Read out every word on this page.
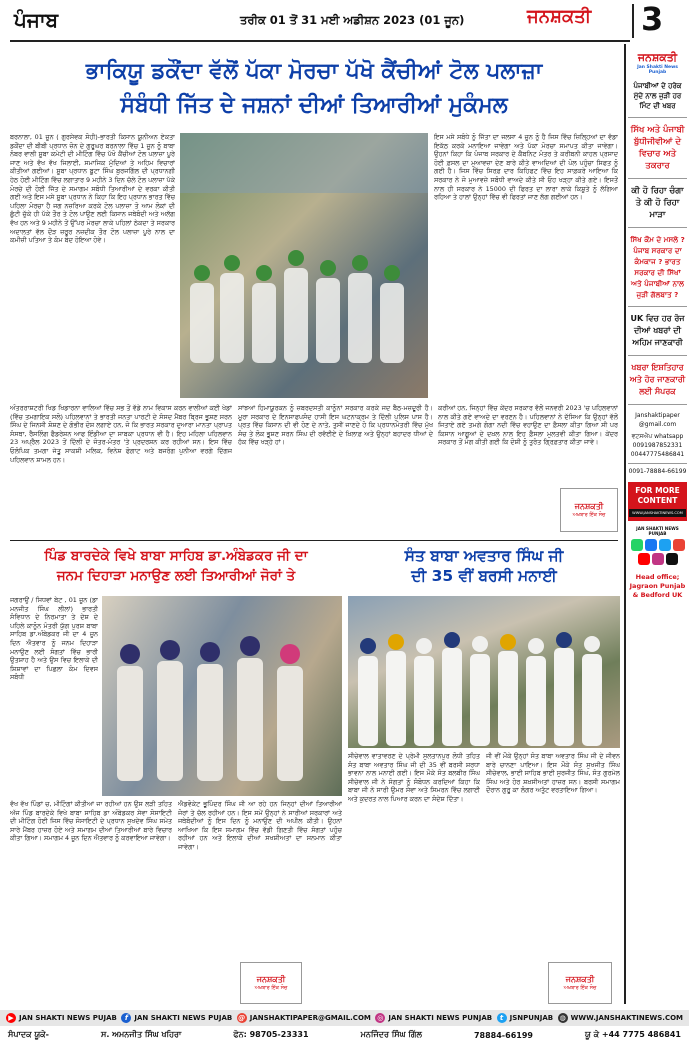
ਪੰਜਾਬ	ਤਰੀਕ 01 ਤੋਂ 31 ਮਈ ਅਡੀਸ਼ਨ 2023 (01 ਜੂਨ)	ਜਨਸ਼ਕਤੀ 3
ਭਾਕਿਯੂ ਡਕੌਂਦਾ ਵੱਲੋਂ ਪੱਕਾ ਮੋਰਚਾ ਪੱਖੋ ਕੈਂਚੀਆਂ ਟੋਲ ਪਲਾਜ਼ਾ
ਸੰਬੰਧੀ ਜਿੱਤ ਦੇ ਜਸ਼ਨਾਂ ਦੀਆਂ ਤਿਆਰੀਆਂ ਮੁਕੰਮਲ
ਬਰਨਾਲਾ, 01 ਜੂਨ ( ਗੁਰਸੇਵਕ ਸੋਹੀ)-ਭਾਰਤੀ ਕਿਸਾਨ ਯੂਨੀਅਨ ਏਕਤਾ ਡਕੌਂਦਾ ਦੀ ਬੀਬੀ ਪ੍ਰਧਾਨ ਜ਼ੋਨ ਦੇ ਗੁਰੂਘਰ ਬਰਨਾਲਾ ਵਿੱਚ 1 ਜੂਨ ਨੂੰ ਬਾਬਾ ਨੰਬਰ ਵਾਲੀ ਸੂਬਾ ਕਮੇਟੀ ਦੀ ਮੀਟਿੰਗ ਵਿੱਚ ਪੱਖੋ ਕੈਂਚੀਆਂ ਟੋਲ ਪਲਾਜ਼ਾ ਪੂਰੇ ਜਾਣ ਅਤੇ ਵੱਖ ਵੱਖ ਜਿਲਾਈ, ਸਮਾਜਿਕ ਮੁੱਦਿਆਂ ਤੇ ਅਹਿਮ ਵਿਚਾਰਾਂ ਕੀਤੀਆਂ ਗਈਆਂ। ਸੂਬਾ ਪ੍ਰਧਾਨ ਬੂਟਾ ਸਿੰਘ ਬੁਰਜਗਿੱਲ ਦੀ ਪ੍ਰਧਾਨਗੀ ਹੇਠ ਹੋਈ ਮੀਟਿੰਗ ਵਿੱਚ ਲਗਾਤਾਰ 9 ਮਹੀਨੇ 3 ਦਿਨ ਚੱਲੇ ਟੋਲ ਪਲਾਜ਼ਾ ਪੱਕੇ ਮੋਰਚੇ ਦੀ ਹੋਈ ਜਿੱਤ ਦੇ ਸਮਾਗਮ ਸਬੰਧੀ ਤਿਆਰੀਆਂ ਦੇ ਵਰਕਾ ਕੀਤੀ ਗਈ ਅਤੇ ਇਸ ਮਸੇ ਸੂਬਾ ਪ੍ਰਧਾਨ ਨੇ ਕਿਹਾ ਕਿ ਇਹ ਪ੍ਰਧਾਨ ਭਾਰਤ ਵਿੱਚ ਪਹਿਲਾ ਮੋਰਚਾ ਹੈ ਜਗ ਨਜ਼ਰਿਆ ਕਰਕੇ ਟੋਲ ਪਲਾਜ਼ਾ ਤੋ ਆਮ ਲੋਕਾਂ ਦੀ ਛੁੱਟੀ ਚੁੱਕੇ ਹੀ ਪੱਕੇ ਤੌਰ ਤੇ ਟੋਲ ਪਾਉਣ ਲਈ ਕਿਸਾਨ ਜਥੇਬੰਦੀ ਅਤੇ ਅਲੱਗ ਵੱਖ ਹਨ ਅਤੇ 9 ਮਹੀਨੇ ਤੋਂ ਉੱਪਰ ਮੋਰਚਾ ਲਾਕੇ ਪਹਿਲਾਂ ਠੇਕਦਾ ਤੇ ਸਰਕਾਰ ਅਦਾਲਤਾਂ ਵੱਲ ਦੌੜ ਜ਼ਰੂਰ ਨਜ਼ਦੀਕ ਤੌਰ ਟੋਲ ਪਲਾਜ਼ਾ ਪੂਰੇ ਨਾਲ ਦਾ ਕਮੀਜ਼ੀ ਪਤਿਆ ਤੇ ਕੰਮ ਬੰਦ ਹੋਇਆ ਹੋਵੇ।
ਇਸ ਮਸੇ ਸਬੰਧੇ ਨੂੰ ਜਿੱਤਾ ਦਾ ਜਲਸਾ 4 ਜੂਨ ਨੂੰ ਹੈ ਜਿਸ ਵਿੱਚ ਜ਼ਿਲ੍ਹਿਆਂ ਦਾ ਵੱਡਾ ਇਕੱਠ ਕਰਕੇ ਮਨਾਇਆ ਜਾਵੇਗਾ ਅਤੇ ਪੱਕਾ ਮੋਰਚਾ ਸਮਾਪਤ ਕੀਤਾ ਜਾਵੇਗਾ। ਉਹਨਾਂ ਕਿਹਾ ਕਿ ਪੰਜਾਬ ਸਰਕਾਰ ਦੇ ਕੈਬਨਿਟ ਮੰਤਰ ਤੇ ਕਰੀਬਨੀ ਕਾਹਲ ਪ੍ਰਸਾਦ ਹੋਈ ਫ਼ਸਲ ਦਾ ਮੁਆਵਜ਼ਾ ਦੇਣ ਬਾਰੇ ਕੀਤੇ ਵਾਅਦਿਆਂ ਦੀ ਪੋਲ ਪਹੁੰਚਾ ਸਿਫਤ ਨੂੰ ਗਈ ਹੈ। ਜਿਸ ਵਿੱਚ ਸਿਰਫ਼ ਦਾਰ ਕਿਹਿਫਟ ਵਿੱਚ ਇਹ ਸਾਫ਼ਕਰੇ ਆਇਆ ਕਿ ਸਰਕਾਰ ਨੇ ਜੋ ਮੁਆਵਜ਼ੇ ਸਬੰਧੀ ਵਾਅਦੇ ਕੀਤੇ ਸੀ ਓਹ ਖੜ੍ਹਾ ਕੀਤੇ ਗਏ। ਇਸਤੋਂ ਨਾਲ ਹੀ ਸਰਕਾਰ ਨੇ 15000 ਦੀ ਫਿਰਤ ਦਾ ਲਾਰਾ ਲਾਕੇ ਕਿਸ਼ੂਤੇ ਨੂੰ ਲੱਗਿਆ ਰਹਿਆ ਤੇ ਹਾਲਾਂ ਉਨ੍ਹਾਂ ਵਿੱਚ ਵੀ ਫਿਰਤਾਂ ਜਾਣ ਲੱਗ ਗਈਆਂ ਹਨ।
ਅੰਤਰਰਾਸ਼ਟਰੀ ਖਿਡ ਖਿਡਾਰਨਾ ਵਾਲਿਆਂ ਵਿੱਚ ਸਭ ਤੋਂ ਵੱਡੇ ਨਾਮ ਵਿਕਾਸ ਕਰਨ ਵਾਲੀਆਂ ਕਈ ਖੇਡਾਂ (ਵਿੱਚ ਤਮਗਾਇਕ ਸਲੋ) ਪਹਿਲਵਾਨਾਂ ਤੇ ਭਾਰਤੀ ਜਨਤਾ ਪਾਰਟੀ ਦੇ ਸੰਸਦ ਮੈਂਬਰ ਬ੍ਰਿਜ ਭੂਸ਼ਣ ਸਰਨ ਸਿੰਘ ਦੇ ਜਿਨਸੀ ਸ਼ੋਸ਼ਣ ਦੇ ਗੰਭੀਰ ਦੋਸ਼ ਲਗਾਏ ਹਨ, ਜੋ ਕਿ ਭਾਰਤ ਸਰਕਾਰ ਦੁਆਰਾ ਮਾਨਤਾ ਪ੍ਰਾਪਤ ਸੰਸਥਾ, ਰੈਸਲਿੰਗ ਫੈਡਰੇਸ਼ਨ ਆਫ ਇੰਡੀਆ ਦਾ ਸਾਬਕਾ ਪ੍ਰਧਾਨ ਵੀ ਹੈ। ਇਹ ਮਹਿਲਾ ਪਹਿਲਵਾਨ 23 ਅਪ੍ਰੈਲ 2023 ਤੋਂ ਦਿੱਲੀ ਦੇ ਜੰਤਰ-ਮੰਤਰ 'ਤੇ ਪ੍ਰਦਰਸ਼ਨ ਕਰ ਰਹੀਆਂ ਸਨ। ਇਸ ਵਿੱਚ ਓਲੰਪਿਕ ਤਮਗਾ ਜੇਤੂ ਸਾਕਸ਼ੀ ਮਲਿਕ, ਵਿਨੇਸ਼ ਫੋਗਾਟ ਅਤੇ ਬਜਰੰਗ ਪੁਨੀਆ ਵਰਗੇ ਦਿੱਗਜ ਪਹਿਲਵਾਨ ਸ਼ਾਮਲ ਹਨ।
ਸਾਂਝਆਂ ਹਿਮਾਯੂਰਕਨ ਨੂੰ ਜ਼ਬਰਦਸਤੀ ਕਾਨੂੰਨਾਂ ਸਰਕਾਰ ਕਰਕੇ ਜਦ ਬੈਠ-ਮਜ਼ਦੂਰੀ ਹੈ। ਮੂਰਾ ਸਰਕਾਰ ਦੇ ਇਨਸਾਫਪਸੰਦ ਹਾਸੀ ਇਸ ਘਟਨਾਕ੍ਰਮ ਤੇ ਦਿੱਲੀ ਪੁਲਿਸ ਪਾਸ ਹੈ। ਪ੍ਰਤ ਵਿੱਚ ਕਿਸਾਨ ਦੀ ਵੀ ਹੋਣ ਦੇ ਨਾਤੇ, ਤੁਸੀਂ ਜਾਣਦੇ ਹੋ ਕਿ ਪ੍ਰਧਾਨਮੰਤਰੀ ਵਿੱਚ ਮੁੱਖ ਸੰਚ ਤੇ ਲੋਕ ਭੂਸ਼ਣ ਸਰਨ ਸਿੰਘ ਦੀ ਰਵੱਈਏ ਦੇ ਖ਼ਿਲਾਫ਼ ਅਤੇ ਉਨ੍ਹਾਂ ਬਹਾਦਰ ਧੀਆਂ ਦੇ ਹੱਕ ਵਿੱਚ ਖੜ੍ਹੇ ਹਾਂ।
ਕਰੀਆਂ ਹਨ, ਜਿਨ੍ਹਾਂ ਵਿੱਚ ਕੇਂਦਰ ਸਰਕਾਰ ਵੱਲੋਂ ਜਨਵਰੀ 2023 'ਚ ਪਹਿਲਵਾਨਾਂ ਨਾਲ ਕੀਤੇ ਗਏ ਵਾਅਦੇ ਦਾ ਵਰਣਨ ਹੈ। ਪਹਿਲਵਾਨਾਂ ਨੇ ਦੱਸਿਆ ਕਿ ਉਨ੍ਹਾਂ ਵੱਲੋਂ ਜਿਤਾਏ ਗਏ ਤਮਗੇ ਗੰਗਾ ਨਦੀ ਵਿੱਚ ਵਹਾਉਣ ਦਾ ਫ਼ੈਸਲਾ ਕੀਤਾ ਗਿਆ ਸੀ ਪਰ ਕਿਸਾਨ ਆਗੂਆਂ ਦੇ ਦਖ਼ਲ ਨਾਲ ਇਹ ਫ਼ੈਸਲਾ ਮੁਲਤਵੀ ਕੀਤਾ ਗਿਆ। ਕੇਂਦਰ ਸਰਕਾਰ ਤੋਂ ਮੰਗ ਕੀਤੀ ਗਈ ਕਿ ਦੋਸ਼ੀ ਨੂੰ ਤੁਰੰਤ ਗ੍ਰਿਫ਼ਤਾਰ ਕੀਤਾ ਜਾਵੇ।
ਜਨਸ਼ਕਤੀ
ਅਖ਼ਬਾਰ ਇੱਕ ਸੋਚ
ਪਿੰਡ ਬਾਰਦੇਕੇ ਵਿਖੇ ਬਾਬਾ ਸਾਹਿਬ ਡਾ.ਅੰਬੇਡਕਰ ਜੀ ਦਾ
ਜਨਮ ਦਿਹਾੜਾ ਮਨਾਉਣ ਲਈ ਤਿਆਰੀਆਂ ਜੋਰਾਂ ਤੇ
ਜਗਰਾਉਂ / ਸਿਧਵਾਂ ਬੇਟ , 01 ਜੂਨ (ਡਾ ਮਨਜੀਤ ਸਿੰਘ ਲੀਲਾਂ) ਭਾਰਤੀ ਸੰਵਿਧਾਨ ਦੇ ਨਿਰਮਾਤਾ ਤੇ ਦੇਸ਼ ਦੇ ਪਹਿਲੇ ਕਾਨੂੰਨ ਮੰਤਰੀ ਯੁੱਗ ਪੁਰਸ਼ ਬਾਬਾ ਸਾਹਿਬ ਡਾ.ਅੰਬੇਡਕਰ ਜੀ ਦਾ 4 ਜੂਨ ਦਿਨ ਐਤਵਾਰ ਨੂੰ ਜਨਮ ਦਿਹਾੜਾ ਮਨਾਉਣ ਲਈ ਸੰਗਤਾਂ ਵਿੱਚ ਭਾਰੀ ਉਤਸ਼ਾਹ ਹੈ ਅਤੇ ਉਸ ਵਿਚ ਇਲਾਕੇ ਦੀ ਸ਼ਿਸ਼ਾਵਾਂ ਦਾ ਪਿਛਲਾ ਕੰਮ ਦਿਵਸ ਸਬੰਧੀ
ਵੱਖ ਵੱਖ ਪਿੰਡਾਂ ਚ, ਮੀਟਿੰਗਾਂ ਕੀਤੀਆਂ ਜਾ ਰਹੀਆਂ ਹਨ ਉਸ ਲੜੀ ਤਹਿਤ ਅੱਜ ਪਿੰਡ ਬਾਰਦੇਕੇ ਵਿਖੇ ਬਾਬਾ ਸਾਹਿਬ ਡਾ ਅੰਬੇਡਕਰ ਸੇਵਾ ਸੋਸਾਇਟੀ ਦੀ ਮੀਟਿੰਗ ਹੋਈ ਜਿਸ ਵਿੱਚ ਸੋਸਾਇਟੀ ਦੇ ਪ੍ਰਧਾਨ ਸੁਖਦੇਵ ਸਿੰਘ ਸਮੇਤ ਸਾਰੇ ਮੈਂਬਰ ਹਾਜ਼ਰ ਹੋਏ ਅਤੇ ਸਮਾਗਮ ਦੀਆਂ ਤਿਆਰੀਆਂ ਬਾਰੇ ਵਿਚਾਰ ਕੀਤਾ ਗਿਆ। ਸਮਾਗਮ 4 ਜੂਨ ਦਿਨ ਐਤਵਾਰ ਨੂੰ ਕਰਵਾਇਆ ਜਾਵੇਗਾ।
ਐਡਵੋਕੇਟ ਭੂਪਿੰਦਰ ਸਿੰਘ ਜੀ ਆ ਰਹੇ ਹਨ ਜਿਨ੍ਹਾਂ ਦੀਆਂ ਤਿਆਰੀਆਂ ਜੋਰਾਂ ਤੇ ਚੱਲ ਰਹੀਆਂ ਹਨ। ਇਸ ਸਮੇਂ ਉਨ੍ਹਾਂ ਨੇ ਸਾਰੀਆਂ ਸਰਕਾਰਾਂ ਅਤੇ ਜਥੇਬੰਦੀਆਂ ਨੂੰ ਇਸ ਦਿਨ ਨੂੰ ਮਨਾਉਣ ਦੀ ਅਪੀਲ ਕੀਤੀ। ਉਹਨਾਂ ਆਖਿਆ ਕਿ ਇਸ ਸਮਾਗਮ ਵਿੱਚ ਵੱਡੀ ਗਿਣਤੀ ਵਿੱਚ ਸੰਗਤਾਂ ਪਹੁੰਚ ਰਹੀਆਂ ਹਨ ਅਤੇ ਇਲਾਕੇ ਦੀਆਂ ਸਖਸ਼ੀਅਤਾਂ ਦਾ ਸਨਮਾਨ ਕੀਤਾ ਜਾਵੇਗਾ।
ਜਨਸ਼ਕਤੀ
ਅਖ਼ਬਾਰ ਇੱਕ ਸੋਚ
ਸੰਤ ਬਾਬਾ ਅਵਤਾਰ ਸਿੰਘ ਜੀ
ਦੀ 35 ਵੀਂ ਬਰਸੀ ਮਨਾਈ
ਸੀਚੇਵਾਲ ਵਾਤਾਵਰਣ ਦੇ ਪ੍ਰੇਮੀ ਸੁਲਤਾਨਪੁਰ ਲੋਧੀ ਤਹਿਤ ਸੰਤ ਬਾਬਾ ਅਵਤਾਰ ਸਿੰਘ ਜੀ ਦੀ 35 ਵੀਂ ਬਰਸੀ ਸ਼ਰਧਾ ਭਾਵਨਾ ਨਾਲ ਮਨਾਈ ਗਈ। ਇਸ ਮੌਕੇ ਸੰਤ ਬਲਬੀਰ ਸਿੰਘ ਸੀਚੇਵਾਲ ਜੀ ਨੇ ਸੰਗਤਾਂ ਨੂੰ ਸੰਬੋਧਨ ਕਰਦਿਆਂ ਕਿਹਾ ਕਿ ਬਾਬਾ ਜੀ ਨੇ ਸਾਰੀ ਉਮਰ ਸੇਵਾ ਅਤੇ ਸਿਮਰਨ ਵਿੱਚ ਲਗਾਈ ਅਤੇ ਕੁਦਰਤ ਨਾਲ ਪਿਆਰ ਕਰਨ ਦਾ ਸੰਦੇਸ਼ ਦਿੱਤਾ।
ਜੀ ਵੀਂ ਮੌਕੇ ਉਨ੍ਹਾਂ ਸੰਤ ਬਾਬਾ ਅਵਤਾਰ ਸਿੰਘ ਜੀ ਦੇ ਜੀਵਨ ਬਾਰੇ ਚਾਨਣਾ ਪਾਇਆ। ਇਸ ਮੌਕੇ ਸੰਤ ਸੁਖਜੀਤ ਸਿੰਘ ਸੀਚੇਵਾਲ, ਭਾਈ ਸਾਹਿਬ ਭਾਈ ਸੁਰਜੀਤ ਸਿੰਘ, ਸੰਤ ਗੁਰਮੇਲ ਸਿੰਘ ਅਤੇ ਹੋਰ ਸ਼ਖ਼ਸੀਅਤਾਂ ਹਾਜ਼ਰ ਸਨ। ਬਰਸੀ ਸਮਾਗਮ ਦੌਰਾਨ ਗੁਰੂ ਕਾ ਲੰਗਰ ਅਤੁੱਟ ਵਰਤਾਇਆ ਗਿਆ।
ਜਨਸ਼ਕਤੀ
ਅਖ਼ਬਾਰ ਇੱਕ ਸੋਚ
ਜਨਸ਼ਕਤੀ
Jan Shakti News Punjab
ਪੰਜਾਬੀਆਂ ਦੇ ਹਰੇਕ ਮੁੱਦੇ ਨਾਲ ਜੁੜੀ ਹਰ ਮਿੰਟ ਦੀ ਖਬਰ
ਸਿੱਖ ਅਤੇ ਪੰਜਾਬੀ ਬੁੱਧੀਜੀਵੀਆਂ ਦੇ ਵਿਚਾਰ ਅਤੇ ਤਕਰਾਰ
ਕੀ ਹੋ ਰਿਹਾ ਚੰਗਾ ਤੇ ਕੀ ਹੋ ਰਿਹਾ ਮਾੜਾ
ਸਿੱਖ ਕੌਮ ਦੇ ਮਸਲੇ ? ਪੰਜਾਬ ਸਰਕਾਰ ਦਾ ਕੰਮਕਾਜ ? ਭਾਰਤ ਸਰਕਾਰ ਦੀ ਸਿੱਖਾਂ ਅਤੇ ਪੰਜਾਬੀਆਂ ਨਾਲ ਜੁੜੀ ਗੱਲਬਾਤ ?
UK ਵਿਚ ਹਰ ਰੋਜ ਦੀਆਂ ਖਬਰਾਂ ਦੀ ਅਹਿਮ ਜਾਣਕਾਰੀ
ਖਬਰਾ ਇਸ਼ਤਿਹਾਰ ਅਤੇ ਹੋਰ ਜਾਣਕਾਰੀ ਲਈ ਸੰਪਰਕ
Janshaktipaper @gmail.com
ਵਟਸਐਪ whatsapp
0091987852331
00447775486841
0091-78884-66199
FOR MORE CONTENT
WWW.JANSHAKTINEWS.COM
JAN SHAKTI NEWS PUNJAB
Head office; Jagraon Punjab & Bedford UK
▶ JAN SHAKTI NEWS PUJAB	f JAN SHAKTI NEWS PUJAB @ JANSHAKTIPAPER@GMAIL.COM ◎ JAN SHAKTI NEWS PUNJAB	t JSNPUNJAB ◍ WWW.JANSHAKTINEWS.COM
ਸੰਪਾਦਕ ਯੂਕੇ-	ਸ. ਅਮਨਜੀਤ ਸਿੰਘ ਖਹਿਰਾ	ਫੋਨ: 98705-23331	ਮਨਜਿੰਦਰ ਸਿੰਘ ਗਿੱਲ	78884-66199	ਯੂ ਕੇ +44 7775 486841
